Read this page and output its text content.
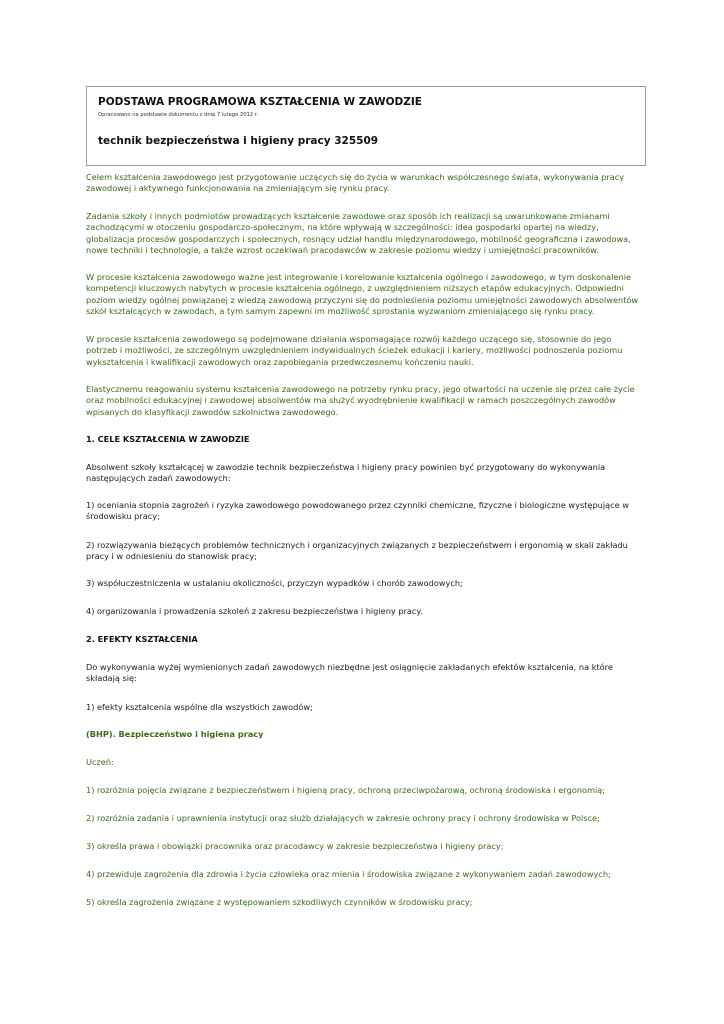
PODSTAWA PROGRAMOWA KSZTAŁCENIA W ZAWODZIE
Opracowano na podstawie dokumentu z dnia 7 lutego 2012 r.
technik bezpieczeństwa i higieny pracy 325509

Celem kształcenia zawodowego jest przygotowanie uczących się do życia w warunkach współczesnego świata, wykonywania pracy zawodowej i aktywnego funkcjonowania na zmieniającym się rynku pracy.

Zadania szkoły i innych podmiotów prowadzących kształcenie zawodowe oraz sposób ich realizacji są uwarunkowane zmianami zachodzącymi w otoczeniu gospodarczo-społecznym, na które wpływają w szczególności: idea gospodarki opartej na wiedzy, globalizacja procesów gospodarczych i społecznych, rosnący udział handlu międzynarodowego, mobilność geograficzna i zawodowa, nowe techniki i technologie, a także wzrost oczekiwań pracodawców w zakresie poziomu wiedzy i umiejętności pracowników.

W procesie kształcenia zawodowego ważne jest integrowanie i korelowanie kształcenia ogólnego i zawodowego, w tym doskonalenie kompetencji kluczowych nabytych w procesie kształcenia ogólnego, z uwzględnieniem niższych etapów edukacyjnych. Odpowiedni poziom wiedzy ogólnej powiązanej z wiedzą zawodową przyczyni się do podniesienia poziomu umiejętności zawodowych absolwentów szkół kształcących w zawodach, a tym samym zapewni im możliwość sprostania wyzwaniom zmieniającego się rynku pracy.

W procesie kształcenia zawodowego są podejmowane działania wspomagające rozwój każdego uczącego się, stosownie do jego potrzeb i możliwości, ze szczególnym uwzględnieniem indywidualnych ścieżek edukacji i kariery, możliwości podnoszenia poziomu wykształcenia i kwalifikacji zawodowych oraz zapobiegania przedwczesnemu kończeniu nauki.

Elastycznemu reagowaniu systemu kształcenia zawodowego na potrzeby rynku pracy, jego otwartości na uczenie się przez całe życie oraz mobilności edukacyjnej i zawodowej absolwentów ma służyć wyodrębnienie kwalifikacji w ramach poszczególnych zawodów wpisanych do klasyfikacji zawodów szkolnictwa zawodowego.

1. CELE KSZTAŁCENIA W ZAWODZIE

Absolwent szkoły kształcącej w zawodzie technik bezpieczeństwa i higieny pracy powinien być przygotowany do wykonywania następujących zadań zawodowych:

1) oceniania stopnia zagrożeń i ryzyka zawodowego powodowanego przez czynniki chemiczne, fizyczne i biologiczne występujące w środowisku pracy;

2) rozwiązywania bieżących problemów technicznych i organizacyjnych związanych z bezpieczeństwem i ergonomią w skali zakładu pracy i w odniesieniu do stanowisk pracy;

3) współuczestniczenia w ustalaniu okoliczności, przyczyn wypadków i chorób zawodowych;

4) organizowania i prowadzenia szkoleń z zakresu bezpieczeństwa i higieny pracy.

2. EFEKTY KSZTAŁCENIA

Do wykonywania wyżej wymienionych zadań zawodowych niezbędne jest osiągnięcie zakładanych efektów kształcenia, na które składają się:

1) efekty kształcenia wspólne dla wszystkich zawodów;

(BHP). Bezpieczeństwo i higiena pracy

Uczeń:

1) rozróżnia pojęcia związane z bezpieczeństwem i higieną pracy, ochroną przeciwpożarową, ochroną środowiska i ergonomią;

2) rozróżnia zadania i uprawnienia instytucji oraz służb działających w zakresie ochrony pracy i ochrony środowiska w Polsce;

3) określa prawa i obowiązki pracownika oraz pracodawcy w zakresie bezpieczeństwa i higieny pracy;

4) przewiduje zagrożenia dla zdrowia i życia człowieka oraz mienia i środowiska związane z wykonywaniem zadań zawodowych;

5) określa zagrożenia związane z występowaniem szkodliwych czynników w środowisku pracy;
